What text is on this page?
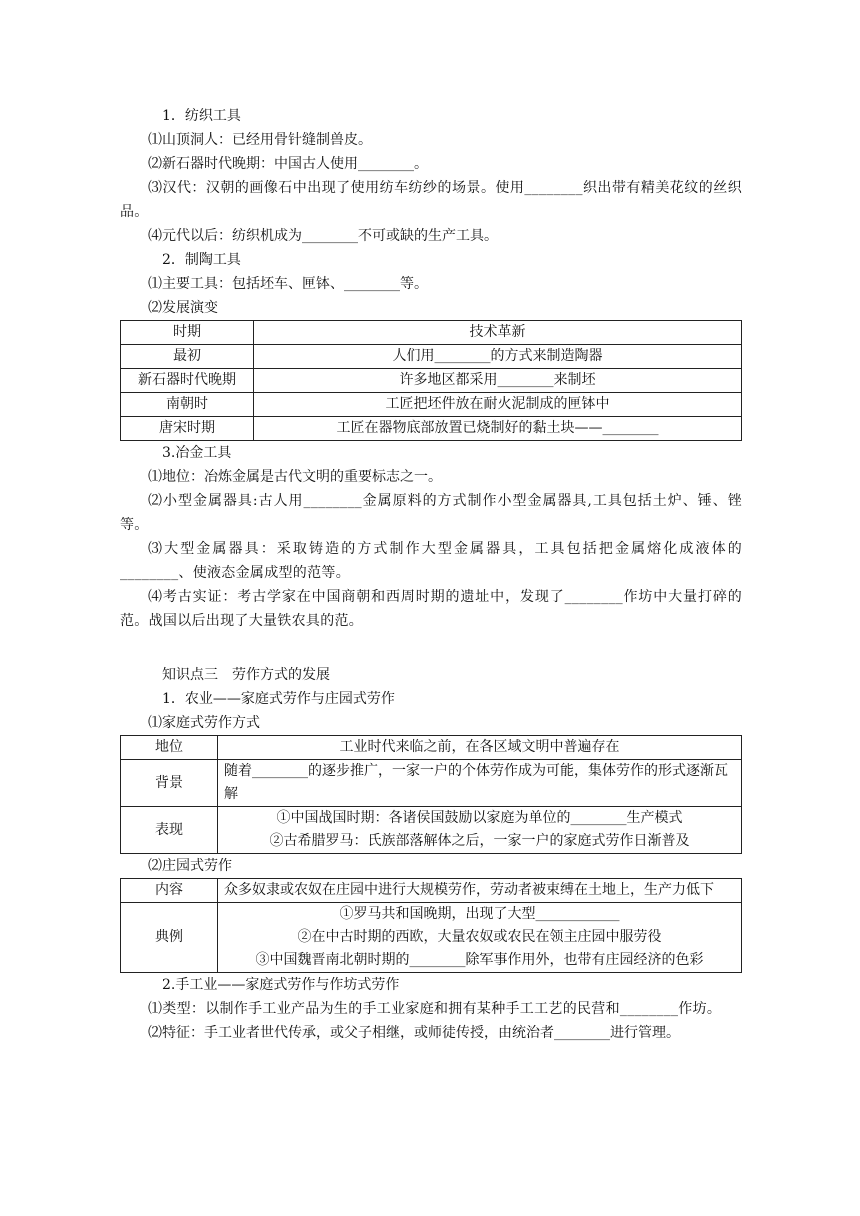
1．纺织工具
⑴山顶洞人：已经用骨针缝制兽皮。
⑵新石器时代晚期：中国古人使用________。
⑶汉代：汉朝的画像石中出现了使用纺车纺纱的场景。使用________织出带有精美花纹的丝织品。
⑷元代以后：纺织机成为________不可或缺的生产工具。
2．制陶工具
⑴主要工具：包括坯车、匣钵、________等。
⑵发展演变
时期	技术革新
最初	人们用________的方式来制造陶器
新石器时代晚期	许多地区都采用________来制坯
南朝时	工匠把坯件放在耐火泥制成的匣钵中
唐宋时期	工匠在器物底部放置已烧制好的黏土块——________
3.冶金工具
⑴地位：冶炼金属是古代文明的重要标志之一。
⑵小型金属器具:古人用________金属原料的方式制作小型金属器具,工具包括土炉、锤、锉等。
⑶大型金属器具：采取铸造的方式制作大型金属器具，工具包括把金属熔化成液体的________、使液态金属成型的范等。
⑷考古实证：考古学家在中国商朝和西周时期的遗址中，发现了________作坊中大量打碎的范。战国以后出现了大量铁农具的范。
知识点三　劳作方式的发展
1．农业——家庭式劳作与庄园式劳作
⑴家庭式劳作方式
地位	工业时代来临之前，在各区域文明中普遍存在
背景	随着________的逐步推广，一家一户的个体劳作成为可能，集体劳作的形式逐渐瓦解
表现	①中国战国时期：各诸侯国鼓励以家庭为单位的________生产模式
②古希腊罗马：氏族部落解体之后，一家一户的家庭式劳作日渐普及
⑵庄园式劳作
内容	众多奴隶或农奴在庄园中进行大规模劳作，劳动者被束缚在土地上，生产力低下
典例	①罗马共和国晚期，出现了大型____________
②在中古时期的西欧，大量农奴或农民在领主庄园中服劳役
③中国魏晋南北朝时期的________除军事作用外，也带有庄园经济的色彩
2.手工业——家庭式劳作与作坊式劳作
⑴类型：以制作手工业产品为生的手工业家庭和拥有某种手工工艺的民营和________作坊。
⑵特征：手工业者世代传承，或父子相继，或师徒传授，由统治者________进行管理。
